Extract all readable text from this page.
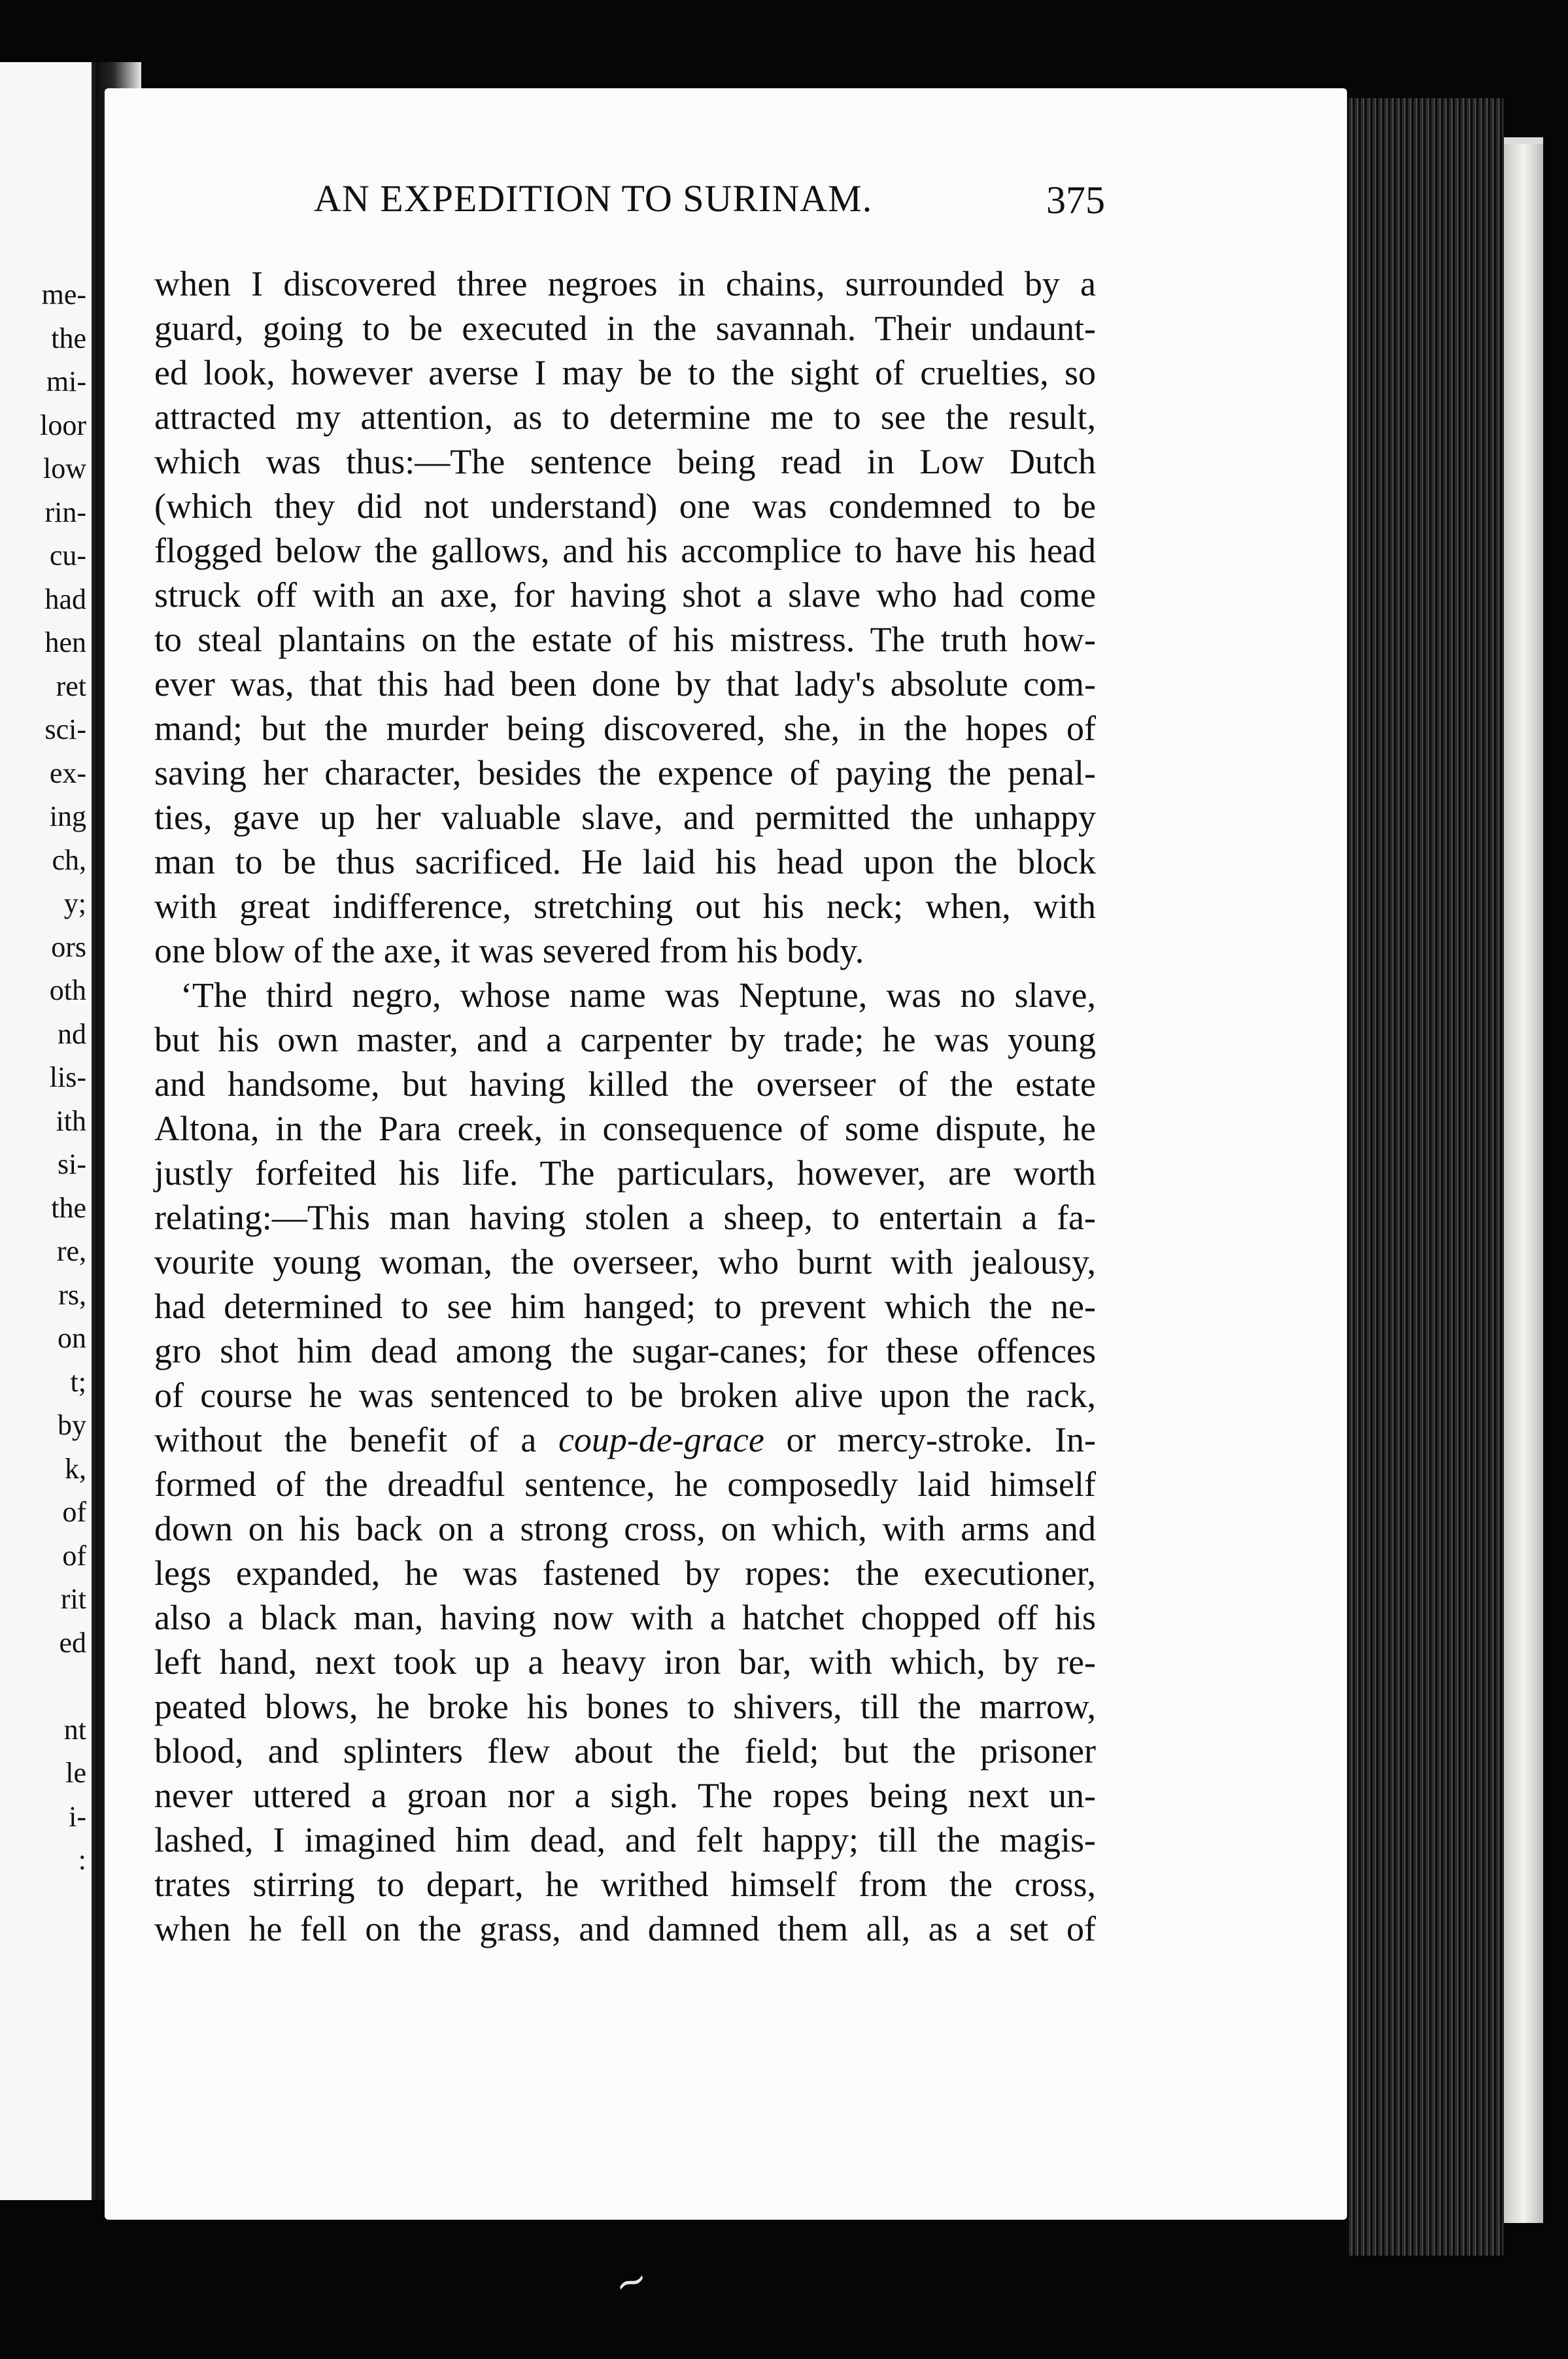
me-
the
mi-
loor
low
rin-
cu-
had
hen
ret
sci-
ex-
ing
ch,
y;
ors
oth
nd
lis-
ith
si-
the
re,
rs,
on
t;
by
k,
of
of
rit
ed
nt
le
i-
:
AN EXPEDITION TO SURINAM.	375
when I discovered three negroes in chains, surrounded by a
guard, going to be executed in the savannah. Their undaunt-
ed look, however averse I may be to the sight of cruelties, so
attracted my attention, as to determine me to see the result,
which was thus:—The sentence being read in Low Dutch
(which they did not understand) one was condemned to be
flogged below the gallows, and his accomplice to have his head
struck off with an axe, for having shot a slave who had come
to steal plantains on the estate of his mistress. The truth how-
ever was, that this had been done by that lady's absolute com-
mand; but the murder being discovered, she, in the hopes of
saving her character, besides the expence of paying the penal-
ties, gave up her valuable slave, and permitted the unhappy
man to be thus sacrificed. He laid his head upon the block
with great indifference, stretching out his neck; when, with
one blow of the axe, it was severed from his body.
‘The third negro, whose name was Neptune, was no slave,
but his own master, and a carpenter by trade; he was young
and handsome, but having killed the overseer of the estate
Altona, in the Para creek, in consequence of some dispute, he
justly forfeited his life. The particulars, however, are worth
relating:—This man having stolen a sheep, to entertain a fa-
vourite young woman, the overseer, who burnt with jealousy,
had determined to see him hanged; to prevent which the ne-
gro shot him dead among the sugar-canes; for these offences
of course he was sentenced to be broken alive upon the rack,
without the benefit of a coup-de-grace or mercy-stroke. In-
formed of the dreadful sentence, he composedly laid himself
down on his back on a strong cross, on which, with arms and
legs expanded, he was fastened by ropes: the executioner,
also a black man, having now with a hatchet chopped off his
left hand, next took up a heavy iron bar, with which, by re-
peated blows, he broke his bones to shivers, till the marrow,
blood, and splinters flew about the field; but the prisoner
never uttered a groan nor a sigh. The ropes being next un-
lashed, I imagined him dead, and felt happy; till the magis-
trates stirring to depart, he writhed himself from the cross,
when he fell on the grass, and damned them all, as a set of
~
